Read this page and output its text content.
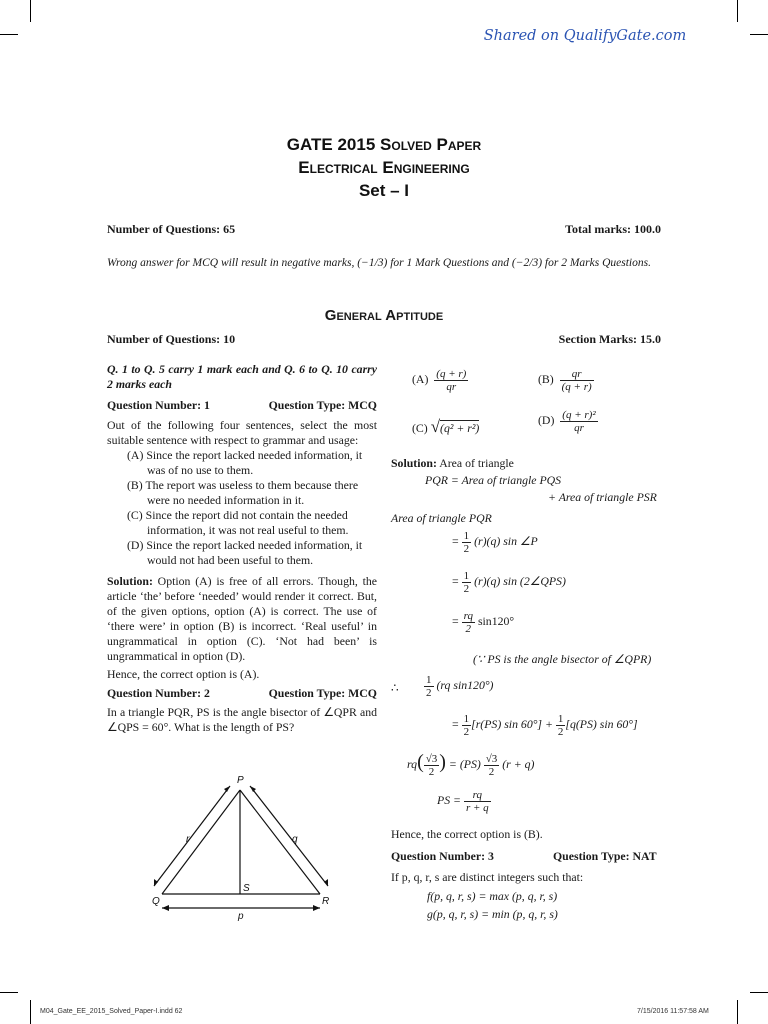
Shared on QualifyGate.com
GATE 2015 Solved Paper
Electrical Engineering
Set – I
Number of Questions: 65	Total marks: 100.0
Wrong answer for MCQ will result in negative marks, (−1/3) for 1 Mark Questions and (−2/3) for 2 Marks Questions.
General Aptitude
Number of Questions: 10	Section Marks: 15.0
Q. 1 to Q. 5 carry 1 mark each and Q. 6 to Q. 10 carry 2 marks each
Question Number: 1	Question Type: MCQ
Out of the following four sentences, select the most suitable sentence with respect to grammar and usage:
(A) Since the report lacked needed information, it was of no use to them.
(B) The report was useless to them because there were no needed information in it.
(C) Since the report did not contain the needed information, it was not real useful to them.
(D) Since the report lacked needed information, it would not had been useful to them.
Solution: Option (A) is free of all errors. Though, the article ‘the’ before ‘needed’ would render it correct. But, of the given options, option (A) is correct. The use of ‘there were’ in option (B) is incorrect. ‘Real useful’ in ungrammatical in option (C). ‘Not had been’ is ungrammatical in option (D).
Hence, the correct option is (A).
Question Number: 2	Question Type: MCQ
In a triangle PQR, PS is the angle bisector of ∠QPR and ∠QPS = 60°. What is the length of PS?
P
Q	R
S
r	q
p
$(A) \frac{(q + r)}{qr}$	$(B) \frac{qr}{(q + r)}$
(C) √(q² + r²)
$(D) \frac{\text{(q + r)²}}{qr}$
Solution: Area of triangle
PQR = Area of triangle PQS
+ Area of triangle PSR
Area of triangle PQR
= $\frac{1}{2} (r)(q)$ sin ∠P
= $\frac{1}{2} (r)(q)$ sin (2∠QPS)
= $\frac{rq}{2} \sin 120^\circ$
(∵ PS is the angle bisector of ∠QPR)
∴ $\frac{1}{2} (rq$ sin120°)
= $\frac{1}{2} [r(PS)$ $\sin 60^\circ] + \frac{1}{2} [q(PS)$ sin 60°]
$rq( \frac{√3}{2}$ ) = $(PS) \frac{√3}{2} (r + q)$
PS = $\frac{rq}{r + q}$
Hence, the correct option is (B).
Question Number: 3	Question Type: NAT
If p, q, r, s are distinct integers such that:
f(p, q, r, s) = max (p, q, r, s)
g(p, q, r, s) = min (p, q, r, s)
M04_Gate_EE_2015_Solved_Paper-I.indd 62	7/15/2016 11:57:58 AM
